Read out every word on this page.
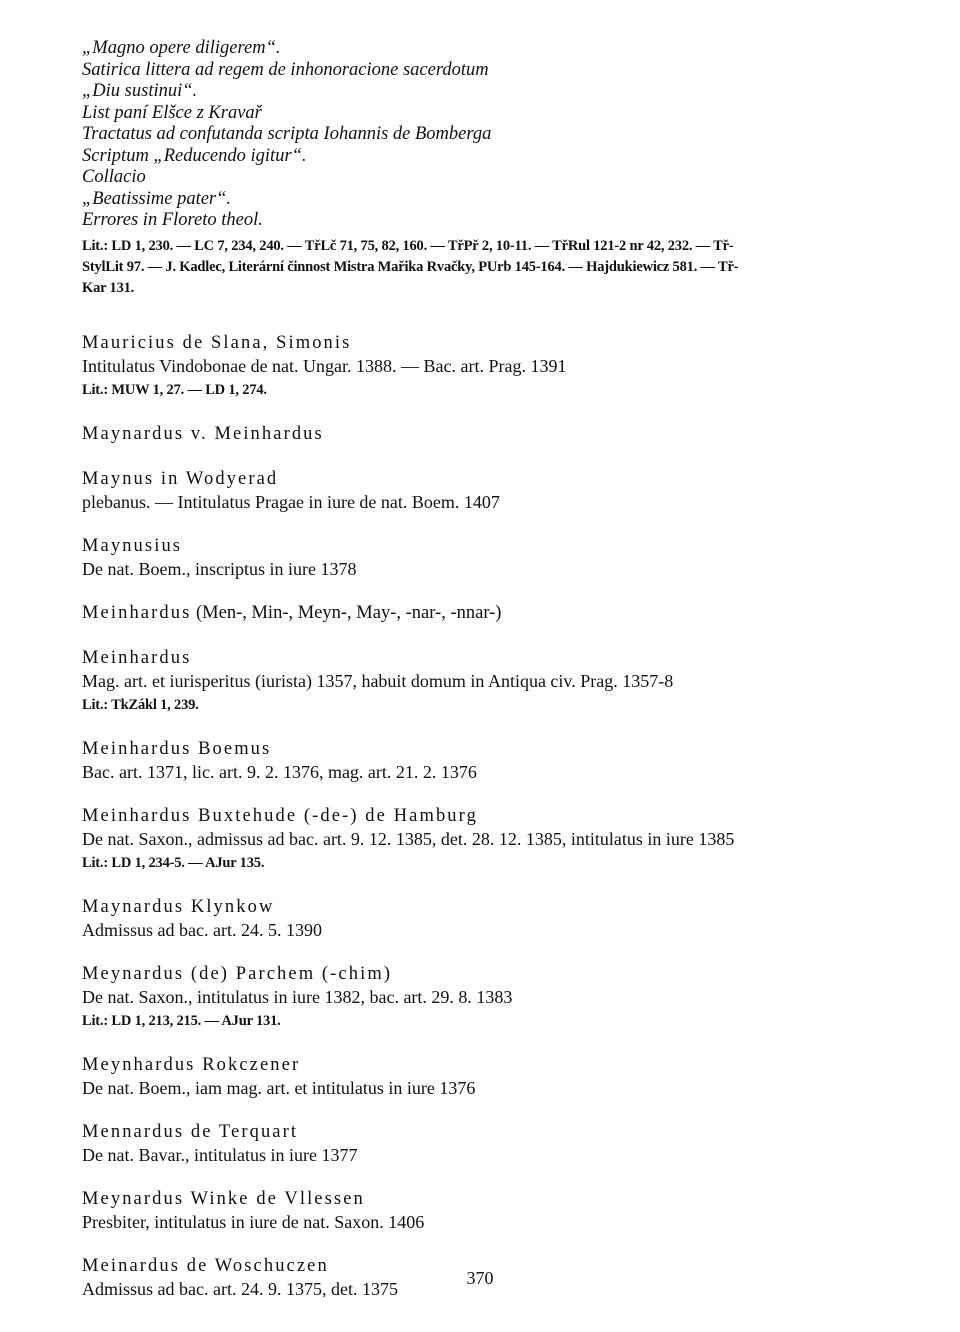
„Magno opere diligerem“.
Satirica littera ad regem de inhonoracione sacerdotum
„Diu sustinui“.
List paní Elšce z Kravař
Tractatus ad confutanda scripta Iohannis de Bomberga
Scriptum „Reducendo igitur“.
Collacio
„Beatissime pater“.
Errores in Floreto theol.
Lit.: LD 1, 230. — LC 7, 234, 240. — TřLč 71, 75, 82, 160. — TřPř 2, 10-11. — TřRul 121-2 nr 42, 232. — Tř-
StylLit 97. — J. Kadlec, Literární činnost Mistra Mařika Rvačky, PUrb 145-164. — Hajdukiewicz 581. — Tř-
Kar 131.
Mauricius de Slana, Simonis
Intitulatus Vindobonae de nat. Ungar. 1388. — Bac. art. Prag. 1391
Lit.: MUW 1, 27. — LD 1, 274.
Maynardus v. Meinhardus
Maynus in Wodyerad
plebanus. — Intitulatus Pragae in iure de nat. Boem. 1407
Maynusius
De nat. Boem., inscriptus in iure 1378
Meinhardus (Men-, Min-, Meyn-, May-, -nar-, -nnar-)
Meinhardus
Mag. art. et iurisperitus (iurista) 1357, habuit domum in Antiqua civ. Prag. 1357-8
Lit.: TkZákl 1, 239.
Meinhardus Boemus
Bac. art. 1371, lic. art. 9. 2. 1376, mag. art. 21. 2. 1376
Meinhardus Buxtehude (-de-) de Hamburg
De nat. Saxon., admissus ad bac. art. 9. 12. 1385, det. 28. 12. 1385, intitulatus in iure 1385
Lit.: LD 1, 234-5. — AJur 135.
Maynardus Klynkow
Admissus ad bac. art. 24. 5. 1390
Meynardus (de) Parchem (-chim)
De nat. Saxon., intitulatus in iure 1382, bac. art. 29. 8. 1383
Lit.: LD 1, 213, 215. — AJur 131.
Meynhardus Rokczener
De nat. Boem., iam mag. art. et intitulatus in iure 1376
Mennardus de Terquart
De nat. Bavar., intitulatus in iure 1377
Meynardus Winke de Vllessen
Presbiter, intitulatus in iure de nat. Saxon. 1406
Meinardus de Woschuczen
Admissus ad bac. art. 24. 9. 1375, det. 1375
370
